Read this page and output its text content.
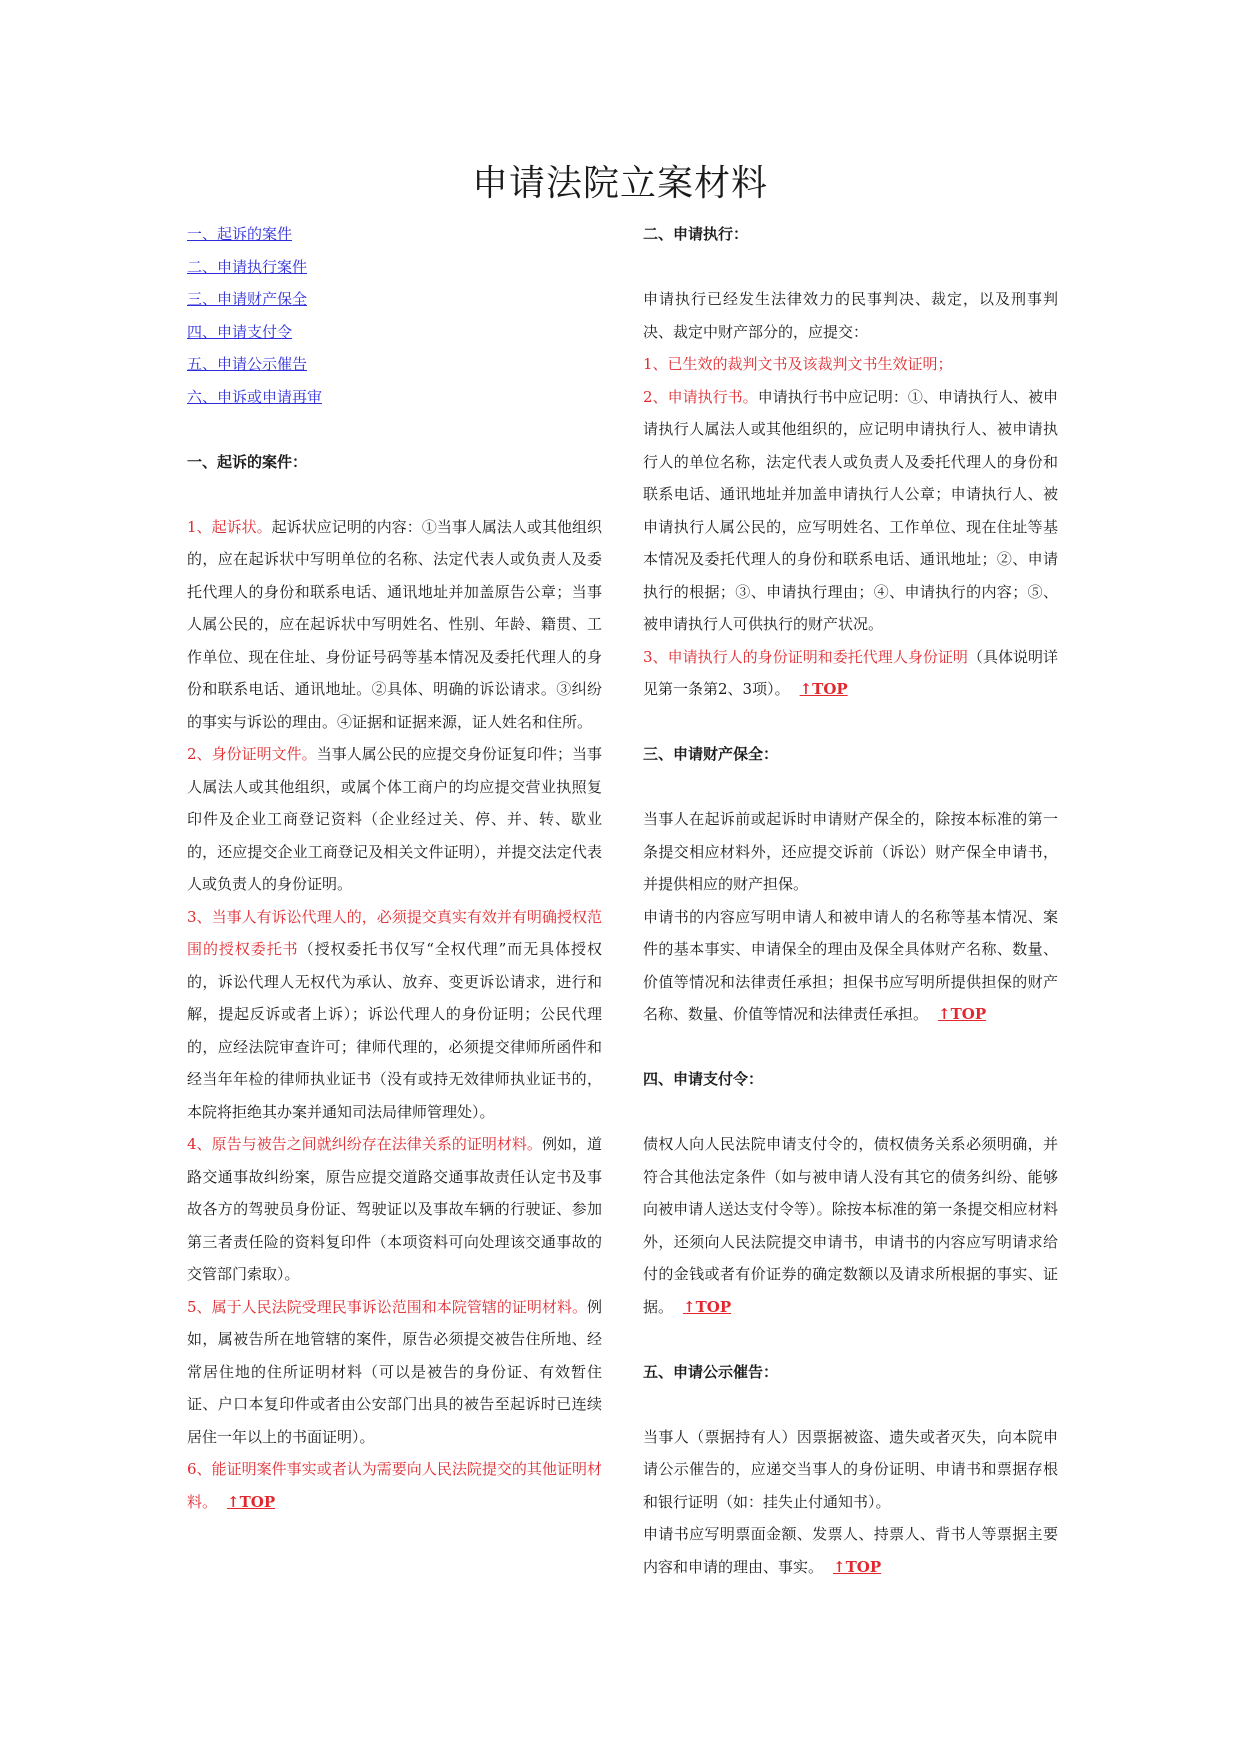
申请法院立案材料
一、起诉的案件
二、申请执行案件
三、申请财产保全
四、申请支付令
五、申请公示催告
六、申诉或申请再审

一、起诉的案件：

1、起诉状。起诉状应记明的内容：①当事人属法人或其他组织的，应在起诉状中写明单位的名称、法定代表人或负责人及委托代理人的身份和联系电话、通讯地址并加盖原告公章；当事人属公民的，应在起诉状中写明姓名、性别、年龄、籍贯、工作单位、现在住址、身份证号码等基本情况及委托代理人的身份和联系电话、通讯地址。②具体、明确的诉讼请求。③纠纷的事实与诉讼的理由。④证据和证据来源，证人姓名和住所。

2、身份证明文件。当事人属公民的应提交身份证复印件；当事人属法人或其他组织，或属个体工商户的均应提交营业执照复印件及企业工商登记资料（企业经过关、停、并、转、歇业的，还应提交企业工商登记及相关文件证明），并提交法定代表人或负责人的身份证明。

3、当事人有诉讼代理人的，必须提交真实有效并有明确授权范围的授权委托书（授权委托书仅写“全权代理”而无具体授权的，诉讼代理人无权代为承认、放弃、变更诉讼请求，进行和解，提起反诉或者上诉）；诉讼代理人的身份证明；公民代理的，应经法院审查许可；律师代理的，必须提交律师所函件和经当年年检的律师执业证书（没有或持无效律师执业证书的，本院将拒绝其办案并通知司法局律师管理处）。

4、原告与被告之间就纠纷存在法律关系的证明材料。例如，道路交通事故纠纷案，原告应提交道路交通事故责任认定书及事故各方的驾驶员身份证、驾驶证以及事故车辆的行驶证、参加第三者责任险的资料复印件（本项资料可向处理该交通事故的交管部门索取）。

5、属于人民法院受理民事诉讼范围和本院管辖的证明材料。例如，属被告所在地管辖的案件，原告必须提交被告住所地、经常居住地的住所证明材料（可以是被告的身份证、有效暂住证、户口本复印件或者由公安部门出具的被告至起诉时已连续居住一年以上的书面证明）。

6、能证明案件事实或者认为需要向人民法院提交的其他证明材料。 ↑TOP

二、申请执行：

申请执行已经发生法律效力的民事判决、裁定，以及刑事判决、裁定中财产部分的，应提交：

1、已生效的裁判文书及该裁判文书生效证明；

2、申请执行书。申请执行书中应记明：①、申请执行人、被申请执行人属法人或其他组织的，应记明申请执行人、被申请执行人的单位名称，法定代表人或负责人及委托代理人的身份和联系电话、通讯地址并加盖申请执行人公章；申请执行人、被申请执行人属公民的，应写明姓名、工作单位、现在住址等基本情况及委托代理人的身份和联系电话、通讯地址；②、申请执行的根据；③、申请执行理由；④、申请执行的内容；⑤、被申请执行人可供执行的财产状况。

3、申请执行人的身份证明和委托代理人身份证明（具体说明详见第一条第2、3项）。 ↑TOP

三、申请财产保全：

当事人在起诉前或起诉时申请财产保全的，除按本标准的第一条提交相应材料外，还应提交诉前（诉讼）财产保全申请书，并提供相应的财产担保。

申请书的内容应写明申请人和被申请人的名称等基本情况、案件的基本事实、申请保全的理由及保全具体财产名称、数量、价值等情况和法律责任承担；担保书应写明所提供担保的财产名称、数量、价值等情况和法律责任承担。 ↑TOP

四、申请支付令：

债权人向人民法院申请支付令的，债权债务关系必须明确，并符合其他法定条件（如与被申请人没有其它的债务纠纷、能够向被申请人送达支付令等）。除按本标准的第一条提交相应材料外，还须向人民法院提交申请书，申请书的内容应写明请求给付的金钱或者有价证券的确定数额以及请求所根据的事实、证据。 ↑TOP

五、申请公示催告：

当事人（票据持有人）因票据被盗、遗失或者灭失，向本院申请公示催告的，应递交当事人的身份证明、申请书和票据存根和银行证明（如：挂失止付通知书）。

申请书应写明票面金额、发票人、持票人、背书人等票据主要内容和申请的理由、事实。 ↑TOP
